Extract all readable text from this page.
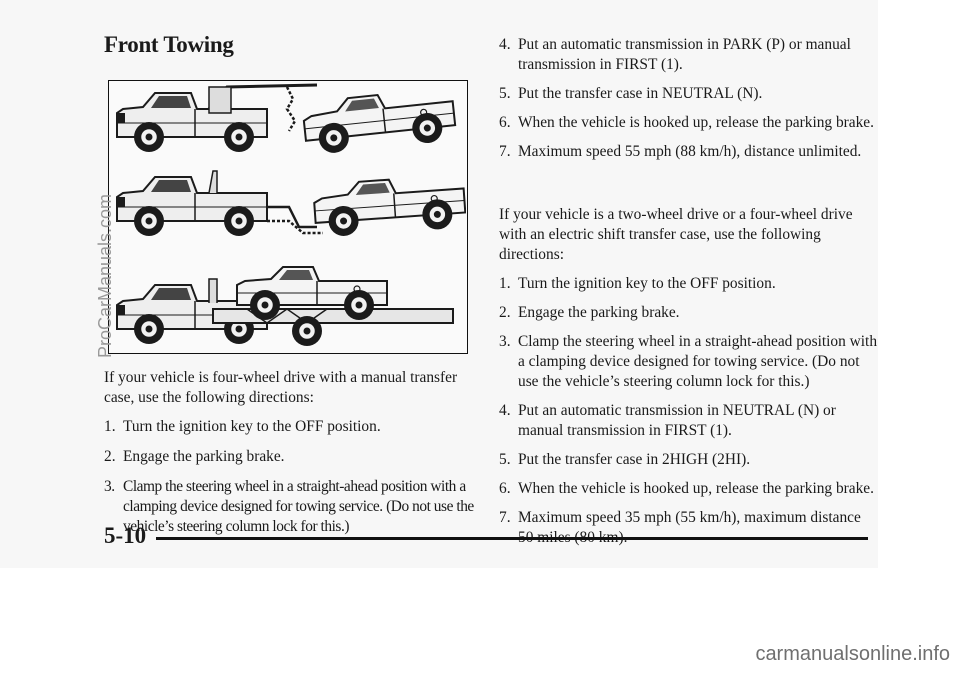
Front Towing

If your vehicle is four-wheel drive with a manual transfer case, use the following directions:

1. Turn the ignition key to the OFF position.

2. Engage the parking brake.

3. Clamp the steering wheel in a straight-ahead position with a clamping device designed for towing service. (Do not use the vehicle’s steering column lock for this.)

4. Put an automatic transmission in PARK (P) or manual transmission in FIRST (1).

5. Put the transfer case in NEUTRAL (N).

6. When the vehicle is hooked up, release the parking brake.

7. Maximum speed 55 mph (88 km/h), distance unlimited.

If your vehicle is a two-wheel drive or a four-wheel drive with an electric shift transfer case, use the following directions:

1. Turn the ignition key to the OFF position.

2. Engage the parking brake.

3. Clamp the steering wheel in a straight-ahead position with a clamping device designed for towing service. (Do not use the vehicle’s steering column lock for this.)

4. Put an automatic transmission in NEUTRAL (N) or manual transmission in FIRST (1).

5. Put the transfer case in 2HIGH (2HI).

6. When the vehicle is hooked up, release the parking brake.

7. Maximum speed 35 mph (55 km/h), maximum distance

5-10
ProCarManuals.com
carmanualsonline.info
